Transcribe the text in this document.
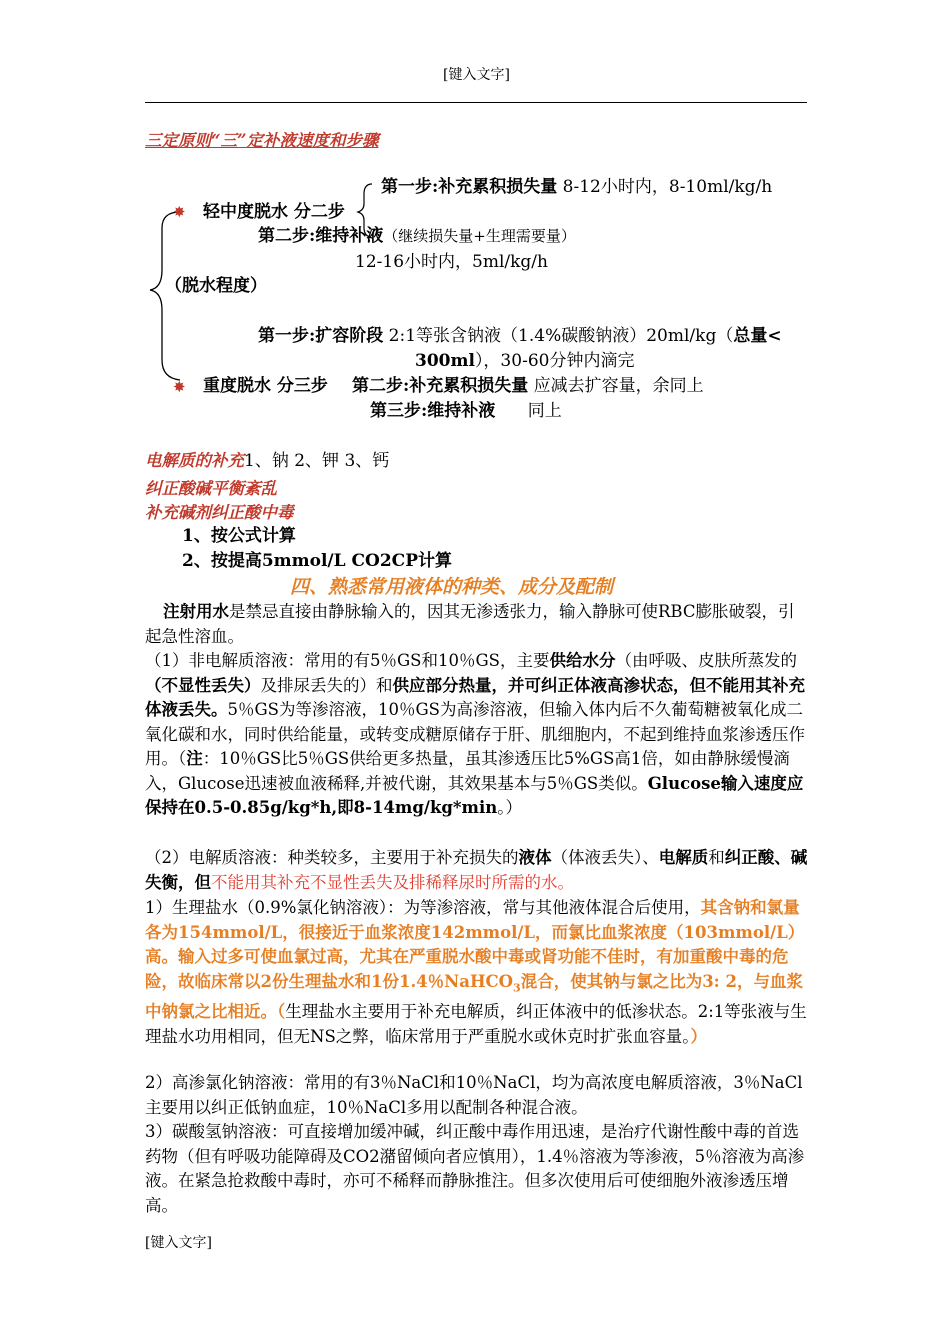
[键入文字]
三定原则“三”定补液速度和步骤
✸ 轻中度脱水 分二步
第一步:补充累积损失量 8-12小时内，8-10ml/kg/h
第二步:维持补液（继续损失量+生理需要量）
12-16小时内，5ml/kg/h
（脱水程度）
第一步:扩容阶段 2:1等张含钠液（1.4%碳酸钠液）20ml/kg（总量<
300ml），30-60分钟内滴完
✸ 重度脱水 分三步 第二步:补充累积损失量 应减去扩容量，余同上
第三步:维持补液      同上
电解质的补充1、钠 2、钾 3、钙
纠正酸碱平衡紊乱
补充碱剂纠正酸中毒
1、按公式计算
2、按提高5mmol/L CO2CP计算
四、熟悉常用液体的种类、成分及配制
注射用水是禁忌直接由静脉输入的，因其无渗透张力，输入静脉可使RBC膨胀破裂，引起急性溶血。
（1）非电解质溶液：常用的有5％GS和10％GS，主要供给水分（由呼吸、皮肤所蒸发的（不显性丢失）及排尿丢失的）和供应部分热量，并可纠正体液高渗状态，但不能用其补充体液丢失。5％GS为等渗溶液，10％GS为高渗溶液，但输入体内后不久葡萄糖被氧化成二氧化碳和水，同时供给能量，或转变成糖原储存于肝、肌细胞内，不起到维持血浆渗透压作用。（注：10％GS比5％GS供给更多热量，虽其渗透压比5%GS高1倍，如由静脉缓慢滴入，Glucose迅速被血液稀释,并被代谢，其效果基本与5％GS类似。Glucose输入速度应保持在0.5-0.85g/kg*h,即8-14mg/kg*min。）
（2）电解质溶液：种类较多，主要用于补充损失的液体（体液丢失）、电解质和纠正酸、碱失衡，但不能用其补充不显性丢失及排稀释尿时所需的水。
1）生理盐水（0.9%氯化钠溶液）：为等渗溶液，常与其他液体混合后使用，其含钠和氯量各为154mmol/L，很接近于血浆浓度142mmol/L，而氯比血浆浓度（103mmol/L）高。输入过多可使血氯过高，尤其在严重脱水酸中毒或肾功能不佳时，有加重酸中毒的危险，故临床常以2份生理盐水和1份1.4％NaHCO$_3$混合，使其钠与氯之比为3: 2，与血浆中钠氯之比相近。（生理盐水主要用于补充电解质，纠正体液中的低渗状态。2:1等张液与生理盐水功用相同，但无NS之弊，临床常用于严重脱水或休克时扩张血容量。）
2）高渗氯化钠溶液：常用的有3％NaCl和10％NaCl，均为高浓度电解质溶液，3％NaCl主要用以纠正低钠血症，10％NaCl多用以配制各种混合液。
3）碳酸氢钠溶液：可直接增加缓冲碱，纠正酸中毒作用迅速，是治疗代谢性酸中毒的首选药物（但有呼吸功能障碍及CO2潴留倾向者应慎用），1.4％溶液为等渗液，5％溶液为高渗液。在紧急抢救酸中毒时，亦可不稀释而静脉推注。但多次使用后可使细胞外液渗透压增高。
[键入文字]
